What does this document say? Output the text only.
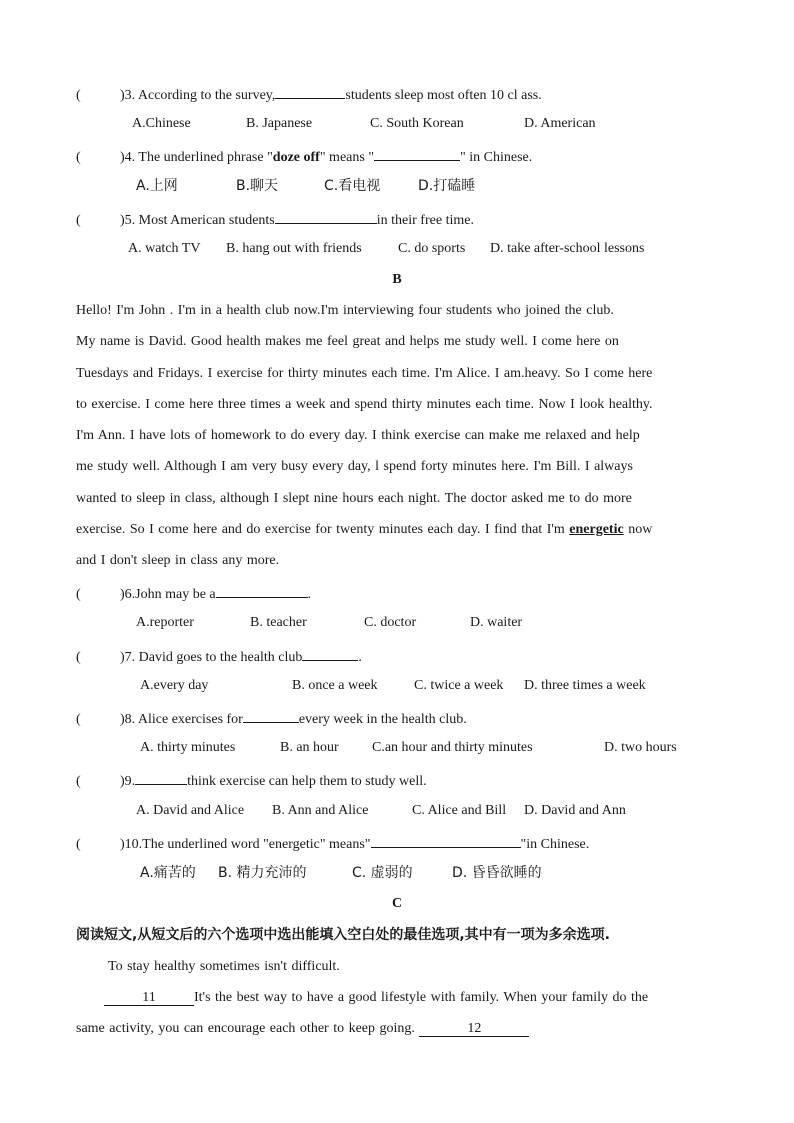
(	)3. According to the survey,	students sleep most often 10 cl ass.
A.Chinese	B. Japanese	C. South Korean	D. American
(	)4. The underlined phrase " doze off " means "	" in Chinese.
A.上网	B.聊天	C.看电视	D.打磕睡
(	)5. Most American students	in their free time.
A. watch TV B. hang out with friends	C. do sports D. take after-school lessons
B
Hello! I'm John . I'm in a health club now.I'm interviewing four students who joined the club.
My name is David. Good health makes me feel great and helps me study well. I come here on
Tuesdays and Fridays. I exercise for thirty minutes each time. I'm Alice. I am.heavy. So I come here
to exercise. I come here three times a week and spend thirty minutes each time. Now I look healthy.
I'm Ann. I have lots of homework to do every day. I think exercise can make me relaxed and help
me study well. Although I am very busy every day, l spend forty minutes here. I'm Bill. I always
wanted to sleep in class, although I slept nine hours each night. The doctor asked me to do more
exercise. So I come here and do exercise for twenty minutes each day. I find that I'm energetic now
and I don't sleep in class any more.
(	)6.John may be a	.
A.reporter	B. teacher	C. doctor	D. waiter
(	)7. David goes to the health club	.
A.every day	B. once a week	C. twice a week D. three times a week
(	)8. Alice exercises for	every week in the health club.
A. thirty minutes	B. an hour C.an hour and thirty minutes	D. two hours
(	)9.	think exercise can help them to study well.
A. David and Alice B. Ann and Alice	C. Alice and Bill D. David and Ann
(	)10.The underlined word "energetic" means"	"in Chinese.
A.痛苦的 B. 精力充沛的	C. 虚弱的	D. 昏昏欲睡的
C
阅读短文,从短文后的六个选项中选出能填入空白处的最佳选项,其中有一项为多余选项.
To stay healthy sometimes isn't difficult.
11	It's the best way to have a good lifestyle with family. When your family do the
same activity, you can encourage each other to keep going.	12
